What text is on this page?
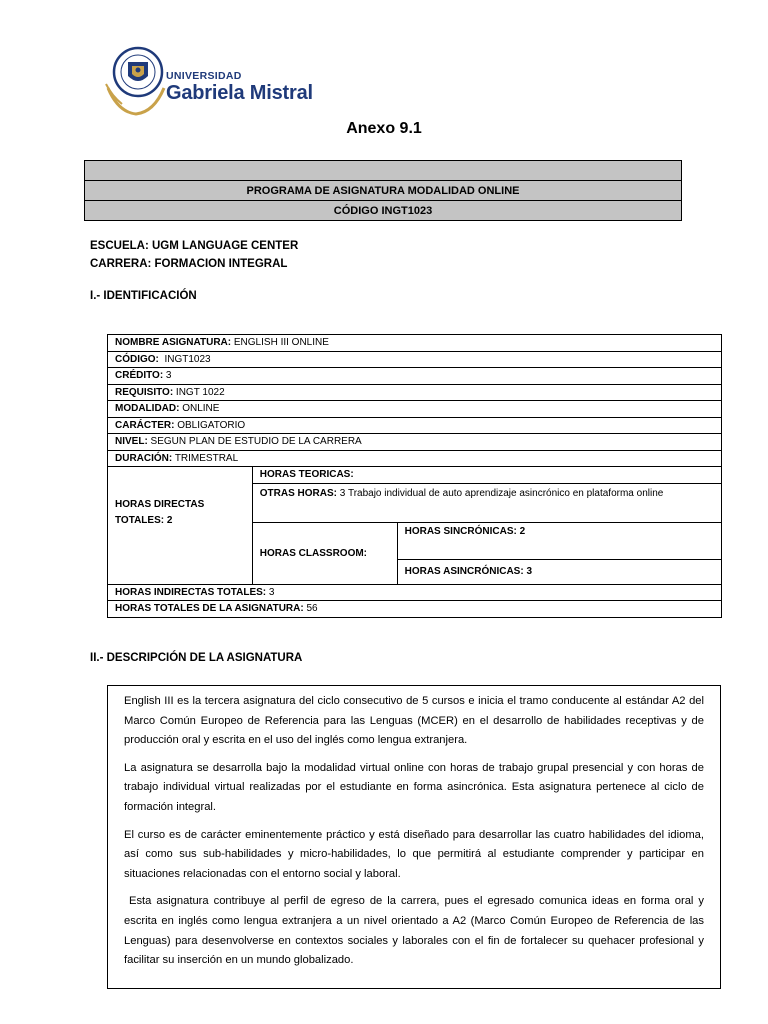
UNIVERSIDAD
Gabriela Mistral
Anexo 9.1

PROGRAMA DE ASIGNATURA MODALIDAD ONLINE
CÓDIGO INGT1023
ESCUELA: UGM LANGUAGE CENTER
CARRERA: FORMACION INTEGRAL
I.- IDENTIFICACIÓN
NOMBRE ASIGNATURA: ENGLISH III ONLINE		
CÓDIGO:  INGT1023		
CRÉDITO: 3		
REQUISITO: INGT 1022		
MODALIDAD: ONLINE		
CARÁCTER: OBLIGATORIO		
NIVEL: SEGUN PLAN DE ESTUDIO DE LA CARRERA		
DURACIÓN: TRIMESTRAL		
HORAS DIRECTAS TOTALES: 2	HORAS TEORICAS:	
	OTRAS HORAS: 3 Trabajo individual de auto aprendizaje asincrónico en plataforma online	
	HORAS CLASSROOM:	HORAS SINCRÓNICAS: 2
		HORAS ASINCRÓNICAS: 3
HORAS INDIRECTAS TOTALES: 3		
HORAS TOTALES DE LA ASIGNATURA: 56		
II.- DESCRIPCIÓN DE LA ASIGNATURA

English III es la tercera asignatura del ciclo consecutivo de 5 cursos e inicia el tramo conducente al estándar A2 del Marco Común Europeo de Referencia para las Lenguas (MCER) en el desarrollo de habilidades receptivas y de producción oral y escrita en el uso del inglés como lengua extranjera.

La asignatura se desarrolla bajo la modalidad virtual online con horas de trabajo grupal presencial y con horas de trabajo individual virtual realizadas por el estudiante en forma asincrónica. Esta asignatura pertenece al ciclo de formación integral.

El curso es de carácter eminentemente práctico y está diseñado para desarrollar las cuatro habilidades del idioma, así como sus sub-habilidades y micro-habilidades, lo que permitirá al estudiante comprender y participar en situaciones relacionadas con el entorno social y laboral.

Esta asignatura contribuye al perfil de egreso de la carrera, pues el egresado comunica ideas en forma oral y escrita en inglés como lengua extranjera a un nivel orientado a A2 (Marco Común Europeo de Referencia de las Lenguas) para desenvolverse en contextos sociales y laborales con el fin de fortalecer su quehacer profesional y facilitar su inserción en un mundo globalizado.
